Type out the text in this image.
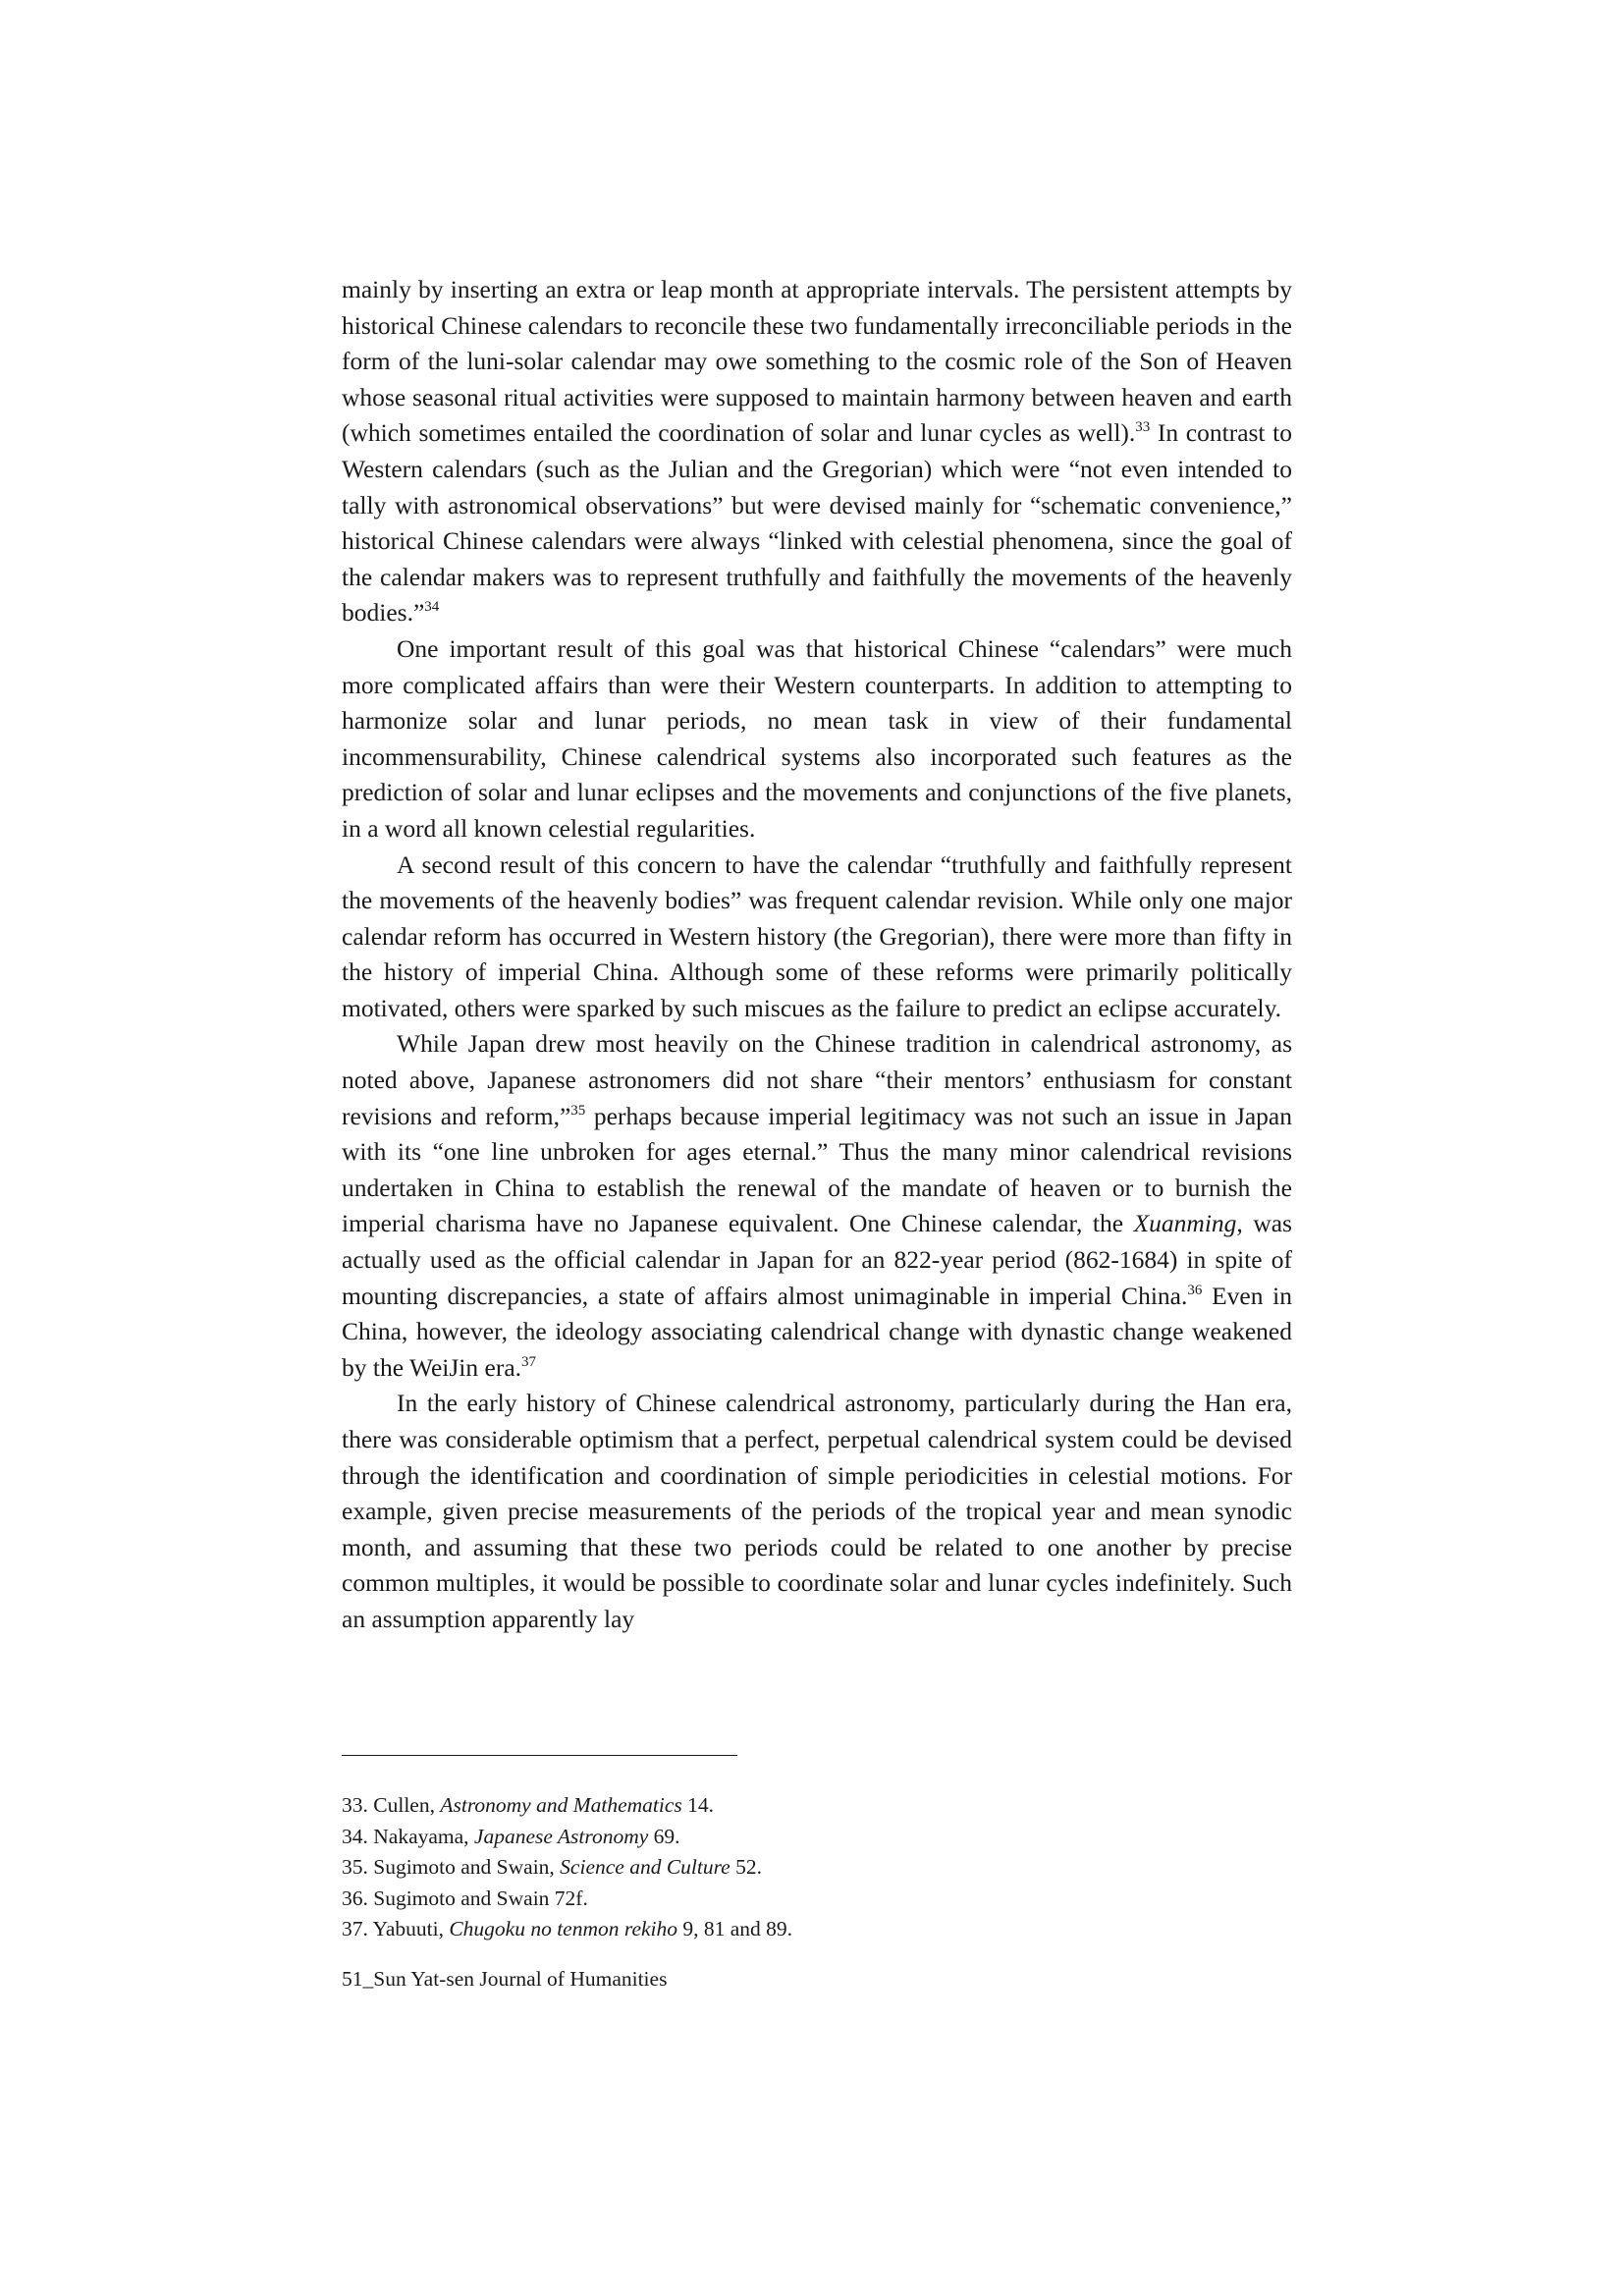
mainly by inserting an extra or leap month at appropriate intervals. The persistent attempts by historical Chinese calendars to reconcile these two fundamentally irreconciliable periods in the form of the luni-solar calendar may owe something to the cosmic role of the Son of Heaven whose seasonal ritual activities were supposed to maintain harmony between heaven and earth (which sometimes entailed the coordination of solar and lunar cycles as well).$^{33}$ In contrast to Western calendars (such as the Julian and the Gregorian) which were “not even intended to tally with astronomical observations” but were devised mainly for “schematic convenience,” historical Chinese calendars were always “linked with celestial phenomena, since the goal of the calendar makers was to represent truthfully and faithfully the movements of the heavenly bodies.”$^{34}$

One important result of this goal was that historical Chinese “calendars” were much more complicated affairs than were their Western counterparts. In addition to attempting to harmonize solar and lunar periods, no mean task in view of their fundamental incommensurability, Chinese calendrical systems also incorporated such features as the prediction of solar and lunar eclipses and the movements and conjunctions of the five planets, in a word all known celestial regularities.

A second result of this concern to have the calendar “truthfully and faithfully represent the movements of the heavenly bodies” was frequent calendar revision. While only one major calendar reform has occurred in Western history (the Gregorian), there were more than fifty in the history of imperial China. Although some of these reforms were primarily politically motivated, others were sparked by such miscues as the failure to predict an eclipse accurately.

While Japan drew most heavily on the Chinese tradition in calendrical astronomy, as noted above, Japanese astronomers did not share “their mentors’ enthusiasm for constant revisions and reform,”$^{35}$ perhaps because imperial legitimacy was not such an issue in Japan with its “one line unbroken for ages eternal.” Thus the many minor calendrical revisions undertaken in China to establish the renewal of the mandate of heaven or to burnish the imperial charisma have no Japanese equivalent. One Chinese calendar, the Xuanming, was actually used as the official calendar in Japan for an 822-year period (862-1684) in spite of mounting discrepancies, a state of affairs almost unimaginable in imperial China.$^{36}$ Even in China, however, the ideology associating calendrical change with dynastic change weakened by the WeiJin era.$^{37}$

In the early history of Chinese calendrical astronomy, particularly during the Han era, there was considerable optimism that a perfect, perpetual calendrical system could be devised through the identification and coordination of simple periodicities in celestial motions. For example, given precise measurements of the periods of the tropical year and mean synodic month, and assuming that these two periods could be related to one another by precise common multiples, it would be possible to coordinate solar and lunar cycles indefinitely. Such an assumption apparently lay

33. Cullen, Astronomy and Mathematics 14.
34. Nakayama, Japanese Astronomy 69.
35. Sugimoto and Swain, Science and Culture 52.
36. Sugimoto and Swain 72f.
37. Yabuuti, Chugoku no tenmon rekiho 9, 81 and 89.
51_Sun Yat-sen Journal of Humanities
